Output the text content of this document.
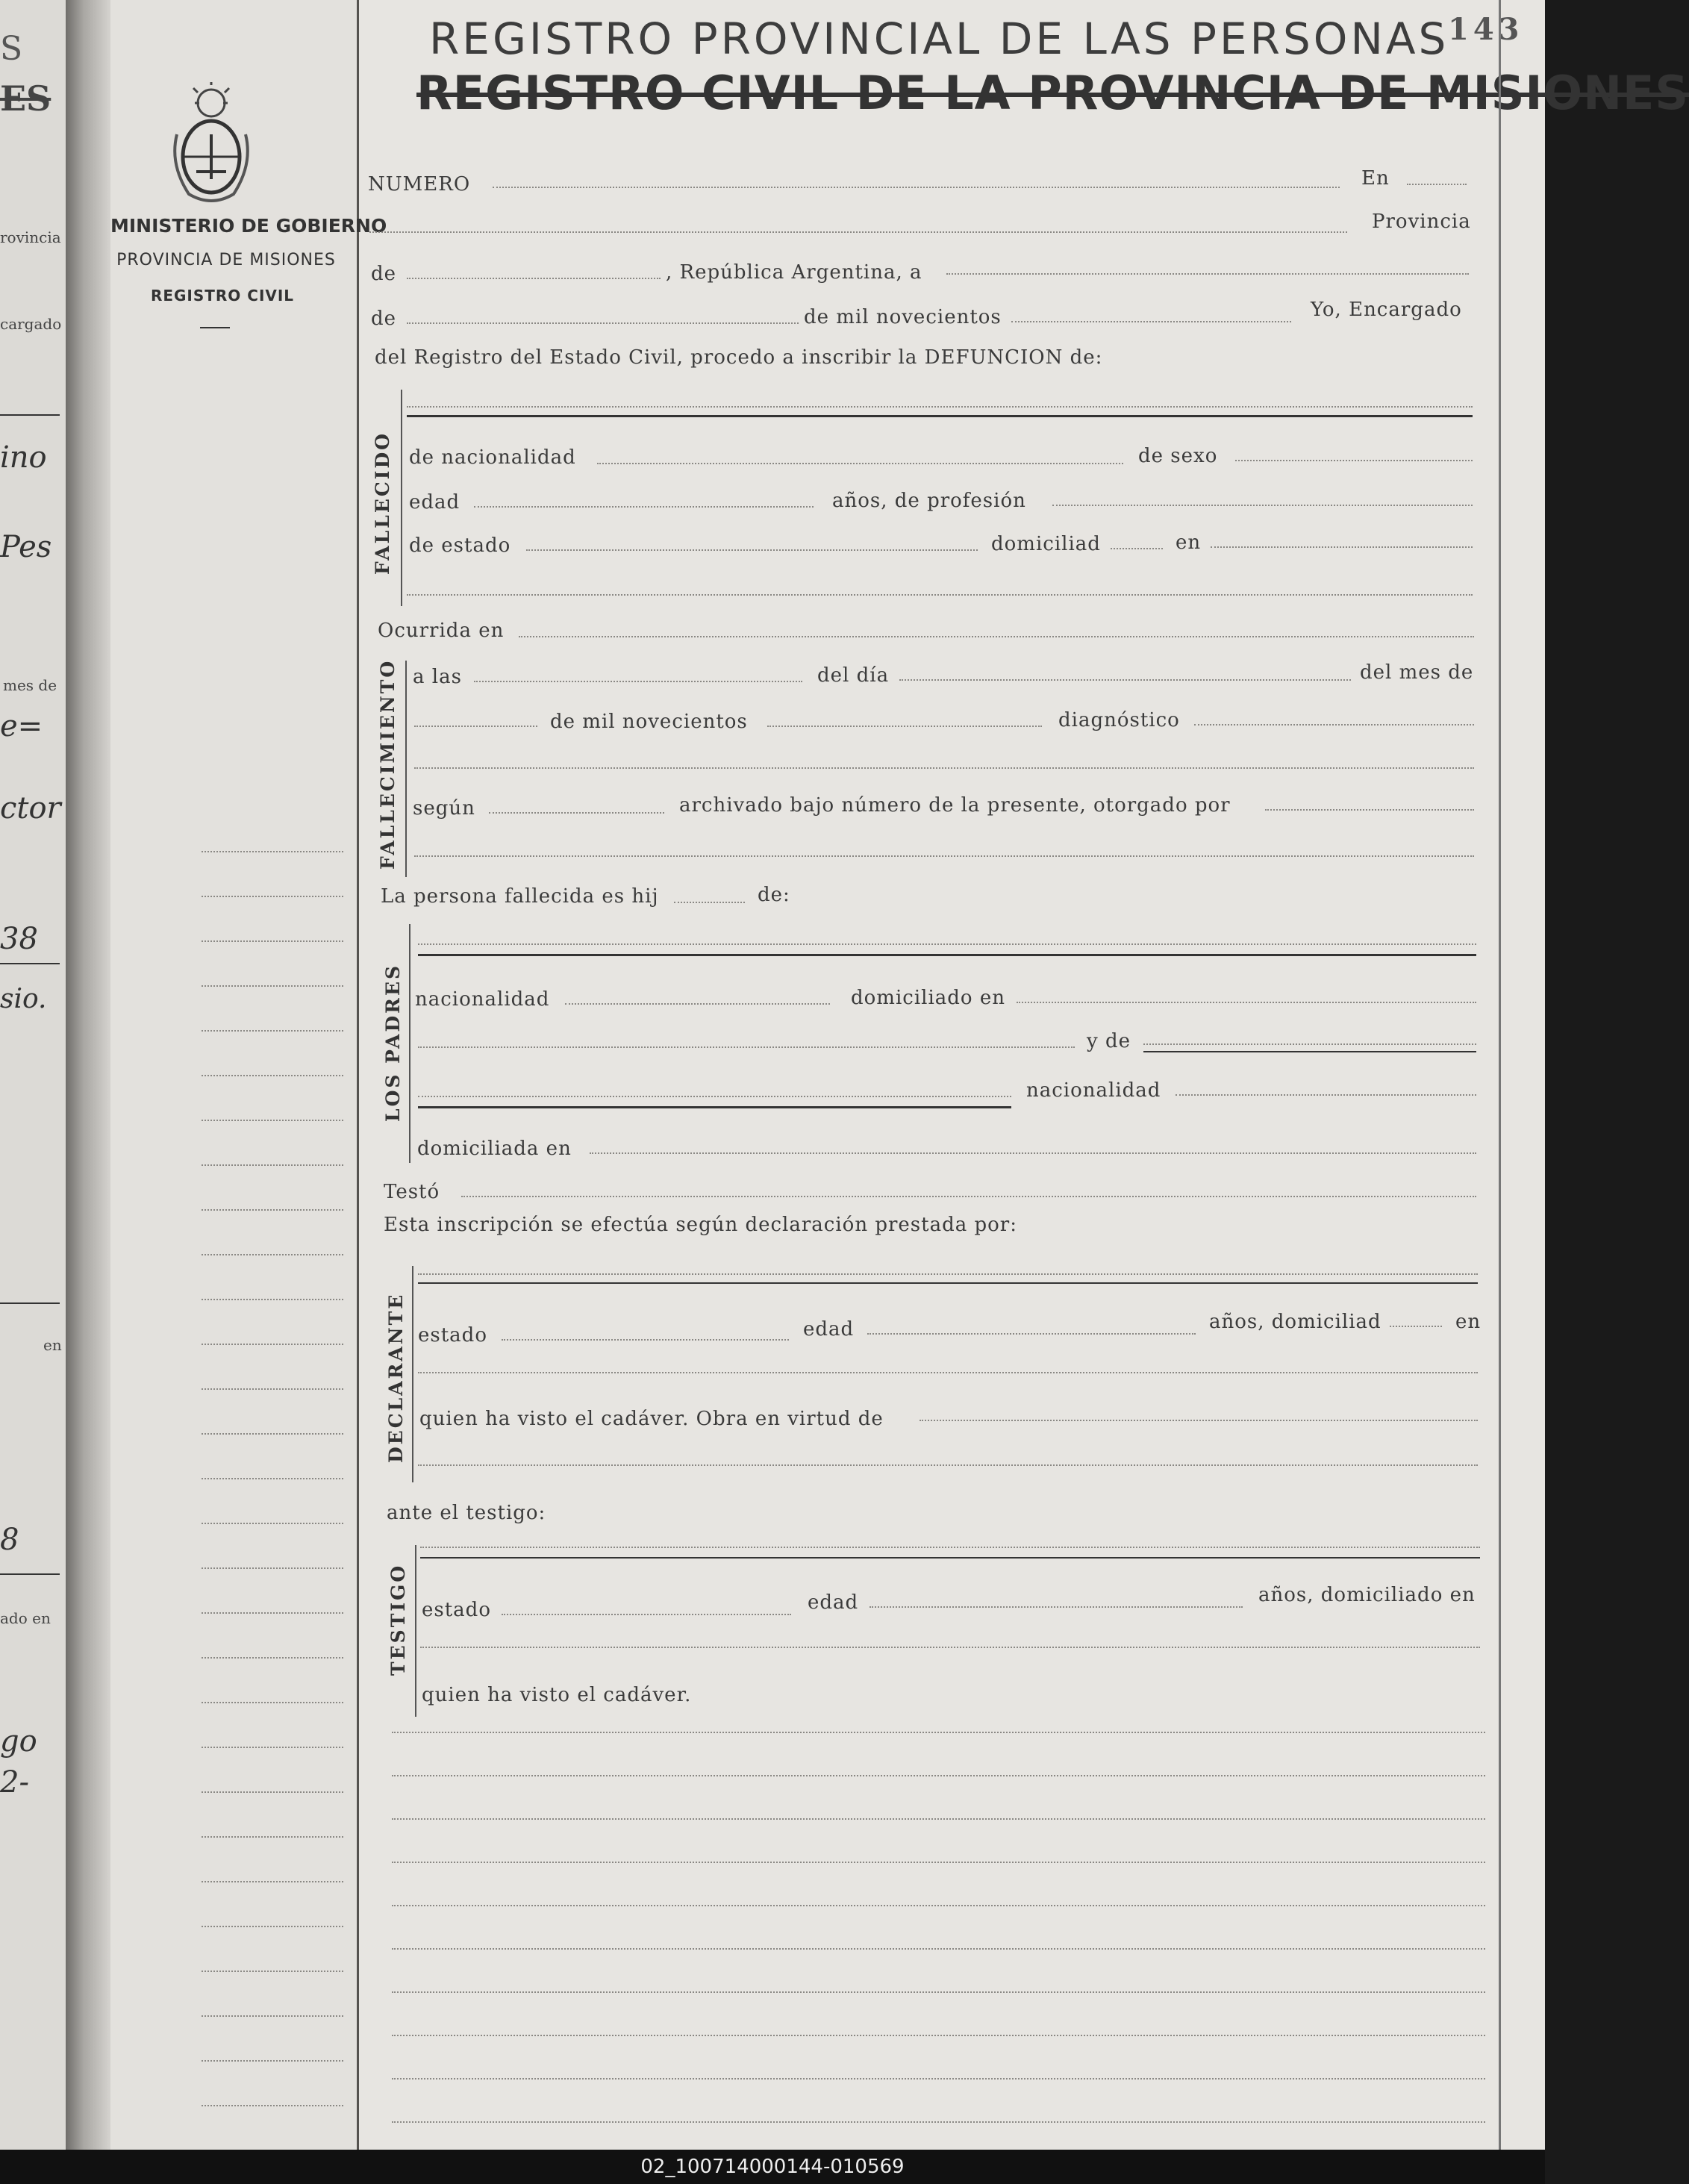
S
ES
rovincia
cargado
ino
Pes
mes de
e=
ctor
38
sio.
en
8
ado en
go
2-
MINISTERIO DE GOBIERNO
PROVINCIA DE MISIONES
REGISTRO CIVIL
REGISTRO PROVINCIAL DE LAS PERSONAS
REGISTRO CIVIL DE LA PROVINCIA DE MISIONES
143
NUMERO	En
Provincia
de	, República Argentina, a
de	de mil novecientos	Yo, Encargado
del Registro del Estado Civil, procedo a inscribir la DEFUNCION de:
FALLECIDO de nacionalidad	de sexo
edad	años, de profesión
de estado	domiciliad	en
Ocurrida en
FALLECIMIENTO a las	del día	del mes de
de mil novecientos	diagnóstico
según	archivado bajo número de la presente, otorgado por
La persona fallecida es hij	de:
LOS PADRES nacionalidad	domiciliado en
y de
nacionalidad
domiciliada en
Testó
Esta inscripción se efectúa según declaración prestada por:
DECLARANTE estado	edad	años, domiciliad	en
quien ha visto el cadáver. Obra en virtud de
ante el testigo:
TESTIGO estado	edad	años, domiciliado en
quien ha visto el cadáver.
02_100714000144-010569
